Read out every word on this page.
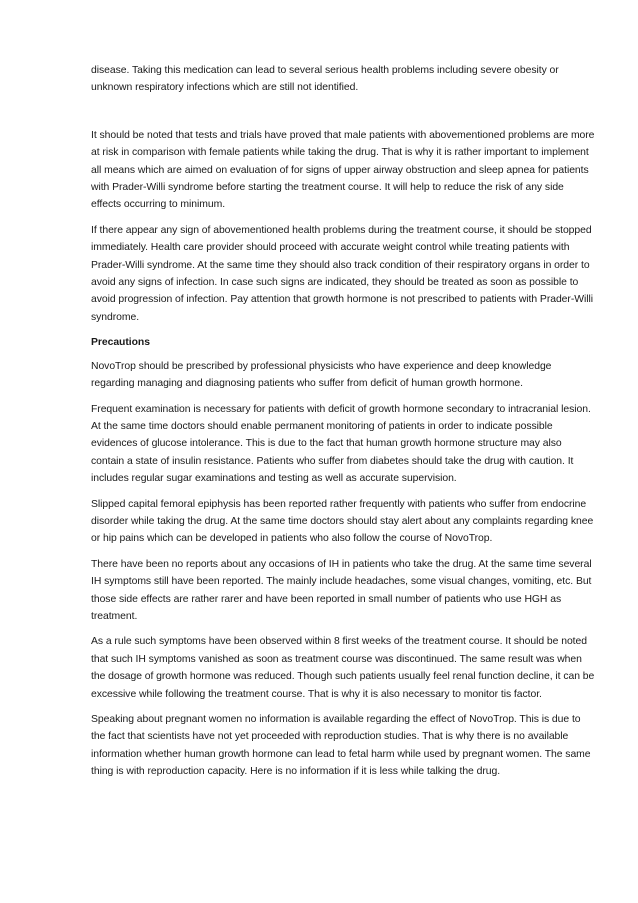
disease. Taking this medication can lead to several serious health problems including severe obesity or unknown respiratory infections which are still not identified.

It should be noted that tests and trials have proved that male patients with abovementioned problems are more at risk in comparison with female patients while taking the drug. That is why it is rather important to implement all means which are aimed on evaluation of for signs of upper airway obstruction and sleep apnea for patients with Prader-Willi syndrome before starting the treatment course. It will help to reduce the risk of any side effects occurring to minimum.

If there appear any sign of abovementioned health problems during the treatment course, it should be stopped immediately. Health care provider should proceed with accurate weight control while treating patients with Prader-Willi syndrome. At the same time they should also track condition of their respiratory organs in order to avoid any signs of infection. In case such signs are indicated, they should be treated as soon as possible to avoid progression of infection. Pay attention that growth hormone is not prescribed to patients with Prader-Willi syndrome.

Precautions

NovoTrop should be prescribed by professional physicists who have experience and deep knowledge regarding managing and diagnosing patients who suffer from deficit of human growth hormone.

Frequent examination is necessary for patients with deficit of growth hormone secondary to intracranial lesion. At the same time doctors should enable permanent monitoring of patients in order to indicate possible evidences of glucose intolerance. This is due to the fact that human growth hormone structure may also contain a state of insulin resistance. Patients who suffer from diabetes should take the drug with caution. It includes regular sugar examinations and testing as well as accurate supervision.

Slipped capital femoral epiphysis has been reported rather frequently with patients who suffer from endocrine disorder while taking the drug. At the same time doctors should stay alert about any complaints regarding knee or hip pains which can be developed in patients who also follow the course of NovoTrop.

There have been no reports about any occasions of IH in patients who take the drug. At the same time several IH symptoms still have been reported. The mainly include headaches, some visual changes, vomiting, etc. But those side effects are rather rarer and have been reported in small number of patients who use HGH as treatment.

As a rule such symptoms have been observed within 8 first weeks of the treatment course. It should be noted that such IH symptoms vanished as soon as treatment course was discontinued. The same result was when the dosage of growth hormone was reduced. Though such patients usually feel renal function decline, it can be excessive while following the treatment course. That is why it is also necessary to monitor tis factor.

Speaking about pregnant women no information is available regarding the effect of NovoTrop. This is due to the fact that scientists have not yet proceeded with reproduction studies. That is why there is no available information whether human growth hormone can lead to fetal harm while used by pregnant women. The same thing is with reproduction capacity. Here is no information if it is less while talking the drug.
